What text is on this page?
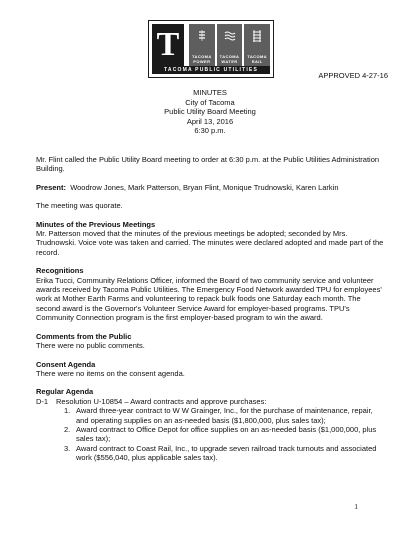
T	TACOMA
POWER
TACOMA
WATER
TACOMA
RAIL
TACOMA PUBLIC UTILITIES
APPROVED 4-27-16
MINUTES
City of Tacoma
Public Utility Board Meeting
April 13, 2016
6:30 p.m.

Mr. Flint called the Public Utility Board meeting to order at 6:30 p.m. at the Public Utilities Administration Building.

Present: Woodrow Jones, Mark Patterson, Bryan Flint, Monique Trudnowski, Karen Larkin

The meeting was quorate.

Minutes of the Previous Meetings

Mr. Patterson moved that the minutes of the previous meetings be adopted; seconded by Mrs. Trudnowski. Voice vote was taken and carried. The minutes were declared adopted and made part of the record.

Recognitions

Erika Tucci, Community Relations Officer, informed the Board of two community service and volunteer awards received by Tacoma Public Utilities. The Emergency Food Network awarded TPU for employees' work at Mother Earth Farms and volunteering to repack bulk foods one Saturday each month. The second award is the Governor's Volunteer Service Award for employer-based programs. TPU's Community Connection program is the first employer-based program to win the award.

Comments from the Public

There were no public comments.

Consent Agenda

There were no items on the consent agenda.

Regular Agenda

D-1	Resolution U-10854 – Award contracts and approve purchases:
1. Award three-year contract to W W Grainger, Inc., for the purchase of maintenance, repair, and operating supplies on an as-needed basis ($1,800,000, plus sales tax);
2. Award contract to Office Depot for office supplies on an as-needed basis ($1,000,000, plus sales tax);
3. Award contract to Coast Rail, Inc., to upgrade seven railroad track turnouts and associated work ($556,040, plus applicable sales tax).
1
